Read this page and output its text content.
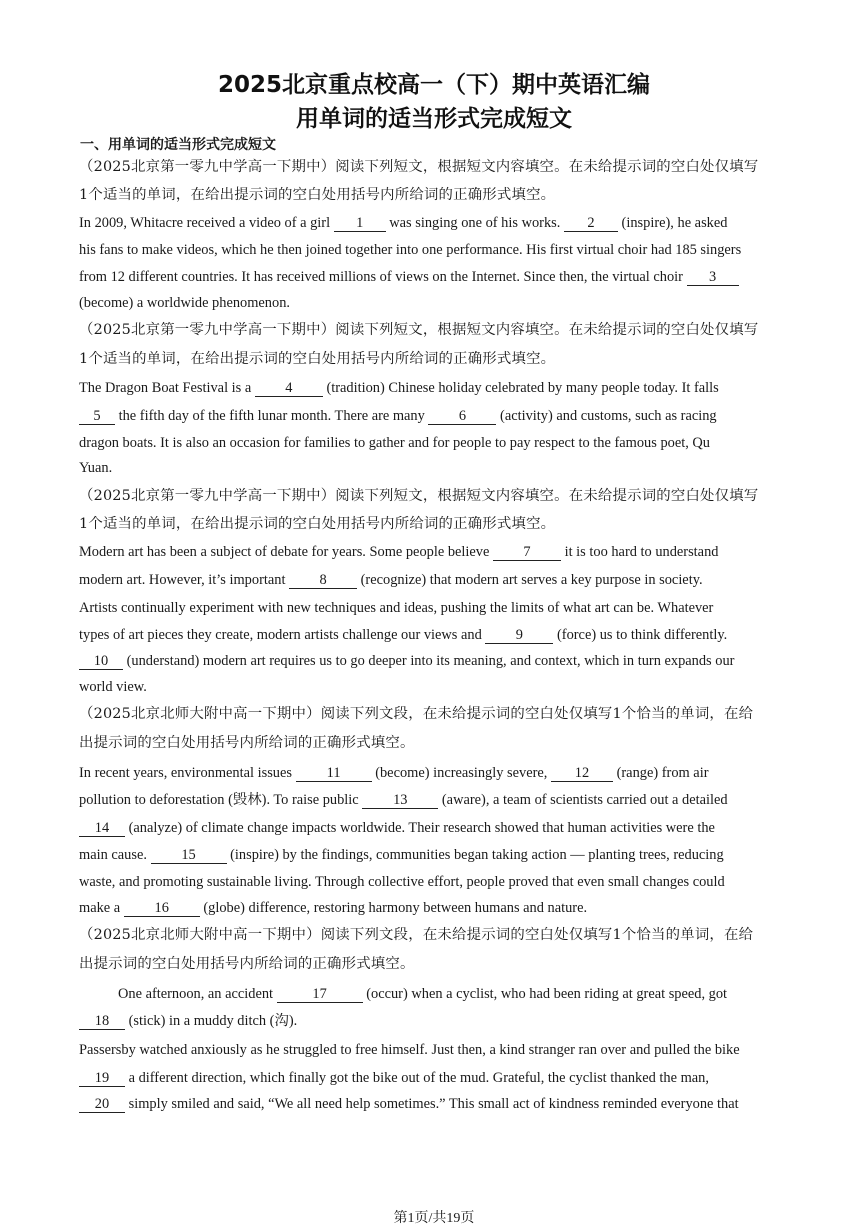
2025北京重点校高一（下）期中英语汇编
用单词的适当形式完成短文
一、用单词的适当形式完成短文
（2025北京第一零九中学高一下期中）阅读下列短文，根据短文内容填空。在未给提示词的空白处仅填写
1个适当的单词，在给出提示词的空白处用括号内所给词的正确形式填空。
In 2009, Whitacre received a video of a girl 1 was singing one of his works. 2 (inspire), he asked
his fans to make videos, which he then joined together into one performance. His first virtual choir had 185 singers
from 12 different countries. It has received millions of views on the Internet. Since then, the virtual choir 3
(become) a worldwide phenomenon.
（2025北京第一零九中学高一下期中）阅读下列短文，根据短文内容填空。在未给提示词的空白处仅填写
1个适当的单词，在给出提示词的空白处用括号内所给词的正确形式填空。
The Dragon Boat Festival is a 4 (tradition) Chinese holiday celebrated by many people today. It falls
5 the fifth day of the fifth lunar month. There are many 6 (activity) and customs, such as racing
dragon boats. It is also an occasion for families to gather and for people to pay respect to the famous poet, Qu
Yuan.
（2025北京第一零九中学高一下期中）阅读下列短文，根据短文内容填空。在未给提示词的空白处仅填写
1个适当的单词，在给出提示词的空白处用括号内所给词的正确形式填空。
Modern art has been a subject of debate for years. Some people believe 7 it is too hard to understand
modern art. However, it’s important 8 (recognize) that modern art serves a key purpose in society.
Artists continually experiment with new techniques and ideas, pushing the limits of what art can be. Whatever
types of art pieces they create, modern artists challenge our views and 9 (force) us to think differently.
10 (understand) modern art requires us to go deeper into its meaning, and context, which in turn expands our
world view.
（2025北京北师大附中高一下期中）阅读下列文段，在未给提示词的空白处仅填写1个恰当的单词，在给
出提示词的空白处用括号内所给词的正确形式填空。
In recent years, environmental issues 11 (become) increasingly severe, 12 (range) from air
pollution to deforestation (毁林). To raise public 13 (aware), a team of scientists carried out a detailed
14 (analyze) of climate change impacts worldwide. Their research showed that human activities were the
main cause. 15 (inspire) by the findings, communities began taking action — planting trees, reducing
waste, and promoting sustainable living. Through collective effort, people proved that even small changes could
make a 16 (globe) difference, restoring harmony between humans and nature.
（2025北京北师大附中高一下期中）阅读下列文段，在未给提示词的空白处仅填写1个恰当的单词，在给
出提示词的空白处用括号内所给词的正确形式填空。
One afternoon, an accident 17 (occur) when a cyclist, who had been riding at great speed, got
18 (stick) in a muddy ditch (沟).
Passersby watched anxiously as he struggled to free himself. Just then, a kind stranger ran over and pulled the bike
19 a different direction, which finally got the bike out of the mud. Grateful, the cyclist thanked the man,
20 simply smiled and said, “We all need help sometimes.” This small act of kindness reminded everyone that
第1页/共19页
